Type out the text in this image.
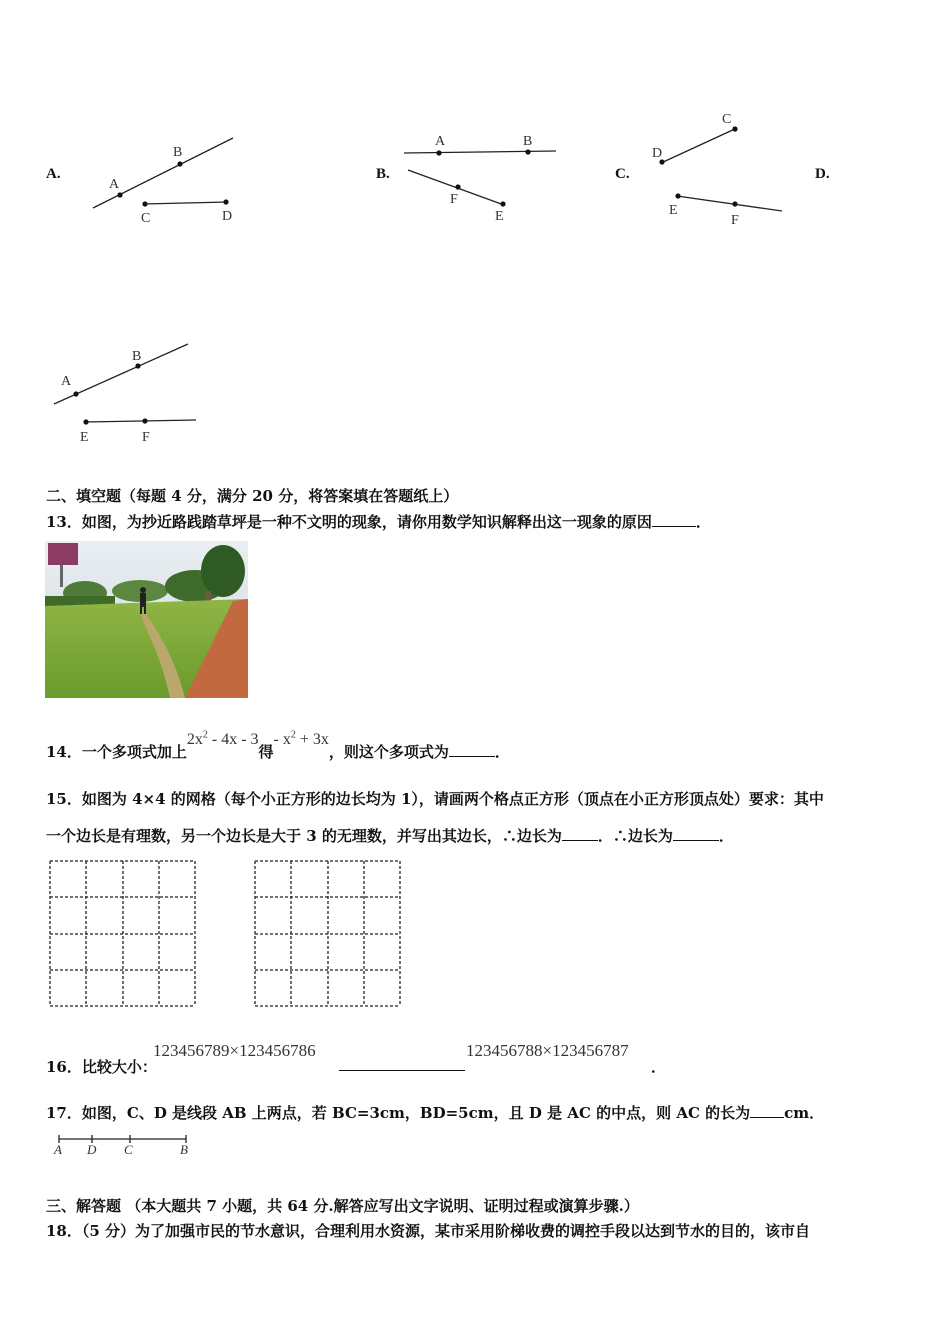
A.	B.	C.	D.
A
B
C	D
A	B
F
E
C
D
E
F
A
B
E	F
二、填空题（每题 4 分，满分 20 分，将答案填在答题纸上）
13．如图，为抄近路践踏草坪是一种不文明的现象，请你用数学知识解释出这一现象的原因	．
14．一个多项式加上$2x^2 - 4x - 3$得- $x^2 + 3x$，则这个多项式为	．
15．如图为 4×4 的网格（每个小正方形的边长均为 1），请画两个格点正方形（顶点在小正方形顶点处）要求：其中
一个边长是有理数，另一个边长是大于 3 的无理数，并写出其边长，∴边长为 ．∴边长为	．
16．比较大小：
123456789×123456786	123456788×123456787
．
17．如图，C、D 是线段 AB 上两点，若 BC=3cm，BD=5cm，且 D 是 AC 的中点，则 AC 的长为 cm．
A D C	B
三、解答题 （本大题共 7 小题，共 64 分.解答应写出文字说明、证明过程或演算步骤.）
18．（5 分）为了加强市民的节水意识，合理利用水资源，某市采用阶梯收费的调控手段以达到节水的目的，该市自
